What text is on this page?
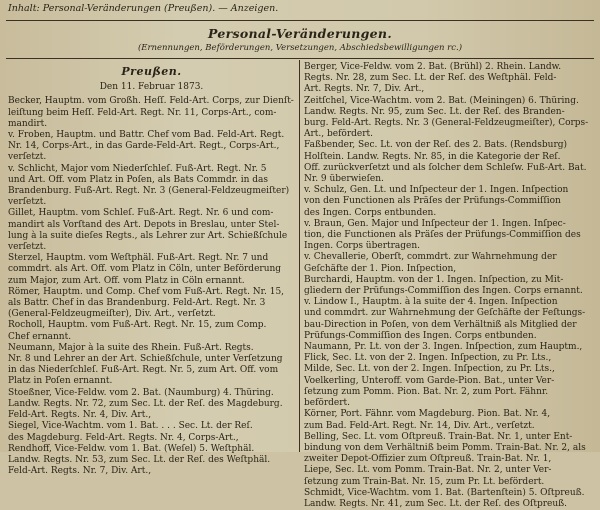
Inhalt: Personal-Veränderungen (Preußen). — Anzeigen.
Personal-Veränderungen.
(Ernennungen, Beförderungen, Versetzungen, Abschiedsbewilligungen rc.)
Preußen.
Den 11. Februar 1873.
Becker, Hauptm. vom Großh. Heſſ. Feld-Art. Corps, zur Dienſt-
leiſtung beim Heſſ. Feld-Art. Regt. Nr. 11, Corps-Art., com-
mandirt.
v. Froben, Hauptm. und Battr. Chef vom Bad. Feld-Art. Regt.
Nr. 14, Corps-Art., in das Garde-Feld-Art. Regt., Corps-Art.,
verſetzt.
v. Schlicht, Major vom Niederſchleſ. Fuß-Art. Regt. Nr. 5
und Art. Off. vom Platz in Poſen, als Bats Commdr. in das
Brandenburg. Fuß-Art. Regt. Nr. 3 (General-Feldzeugmeiſter)
verſetzt.
Gillet, Hauptm. vom Schleſ. Fuß-Art. Regt. Nr. 6 und com-
mandirt als Vorſtand des Art. Depots in Breslau, unter Stel-
lung à la suite dieſes Regts., als Lehrer zur Art. Schießſchule
verſetzt.
Sterzel, Hauptm. vom Weſtphäl. Fuß-Art. Regt. Nr. 7 und
commdrt. als Art. Off. vom Platz in Cöln, unter Beförderung
zum Major, zum Art. Off. vom Platz in Cöln ernannt.
Römer, Hauptm. und Comp. Chef vom Fuß-Art. Regt. Nr. 15,
als Battr. Chef in das Brandenburg. Feld-Art. Regt. Nr. 3
(General-Feldzeugmeiſter), Div. Art., verſetzt.
Rocholl, Hauptm. vom Fuß-Art. Regt. Nr. 15, zum Comp.
Chef ernannt.
Neumann, Major à la suite des Rhein. Fuß-Art. Regts.
Nr. 8 und Lehrer an der Art. Schießſchule, unter Verſetzung
in das Niederſchleſ. Fuß-Art. Regt. Nr. 5, zum Art. Off. vom
Platz in Poſen ernannt.
Stoeßner, Vice-Feldw. vom 2. Bat. (Naumburg) 4. Thüring.
Landw. Regts. Nr. 72, zum Sec. Lt. der Reſ. des Magdeburg.
Feld-Art. Regts. Nr. 4, Div. Art.,
Siegel, Vice-Wachtm. vom 1. Bat. . . . Sec. Lt. der Reſ.
des Magdeburg. Feld-Art. Regts. Nr. 4, Corps-Art.,
Rendhoff, Vice-Feldw. vom 1. Bat. (Weſel) 5. Weſtphäl.
Landw. Regts. Nr. 53, zum Sec. Lt. der Reſ. des Weſtphäl.
Feld-Art. Regts. Nr. 7, Div. Art.,
Berger, Vice-Feldw. vom 2. Bat. (Brühl) 2. Rhein. Landw.
Regts. Nr. 28, zum Sec. Lt. der Reſ. des Weſtphäl. Feld-
Art. Regts. Nr. 7, Div. Art.,
Zeitſchel, Vice-Wachtm. vom 2. Bat. (Meiningen) 6. Thüring.
Landw. Regts. Nr. 95, zum Sec. Lt. der Reſ. des Branden-
burg. Feld-Art. Regts. Nr. 3 (General-Feldzeugmeiſter), Corps-
Art., befördert.
Faßbender, Sec. Lt. von der Reſ. des 2. Bats. (Rendsburg)
Holſtein. Landw. Regts. Nr. 85, in die Kategorie der Reſ.
Off. zurückverſetzt und als ſolcher dem Schleſw. Fuß-Art. Bat.
Nr. 9 überwieſen.
v. Schulz, Gen. Lt. und Inſpecteur der 1. Ingen. Inſpection
von den Functionen als Präſes der Prüfungs-Commiſſion
des Ingen. Corps entbunden.
v. Braun, Gen. Major und Inſpecteur der 1. Ingen. Inſpec-
tion, die Functionen als Präſes der Prüfungs-Commiſſion des
Ingen. Corps übertragen.
v. Chevallerie, Oberſt, commdrt. zur Wahrnehmung der
Geſchäfte der 1. Pion. Inſpection,
Burchardi, Hauptm. von der 1. Ingen. Inſpection, zu Mit-
gliedern der Prüfungs-Commiſſion des Ingen. Corps ernannt.
v. Lindow I., Hauptm. à la suite der 4. Ingen. Inſpection
und commdrt. zur Wahrnehmung der Geſchäfte der Feſtungs-
bau-Direction in Poſen, von dem Verhältniß als Mitglied der
Prüfungs-Commiſſion des Ingen. Corps entbunden.
Naumann, Pr. Lt. von der 3. Ingen. Inſpection, zum Hauptm.,
Flick, Sec. Lt. von der 2. Ingen. Inſpection, zu Pr. Lts.,
Milde, Sec. Lt. von der 2. Ingen. Inſpection, zu Pr. Lts.,
Voelkerling, Unteroff. vom Garde-Pion. Bat., unter Ver-
ſetzung zum Pomm. Pion. Bat. Nr. 2, zum Port. Fähnr.
befördert.
Körner, Port. Fähnr. vom Magdeburg. Pion. Bat. Nr. 4,
zum Bad. Feld-Art. Regt. Nr. 14, Div. Art., verſetzt.
Belling, Sec. Lt. vom Oſtpreuß. Train-Bat. Nr. 1, unter Ent-
bindung von dem Verhältniß beim Pomm. Train-Bat. Nr. 2, als
zweiter Depot-Offizier zum Oſtpreuß. Train-Bat. Nr. 1,
Liepe, Sec. Lt. vom Pomm. Train-Bat. Nr. 2, unter Ver-
ſetzung zum Train-Bat. Nr. 15, zum Pr. Lt. befördert.
Schmidt, Vice-Wachtm. vom 1. Bat. (Bartenſtein) 5. Oſtpreuß.
Landw. Regts. Nr. 41, zum Sec. Lt. der Reſ. des Oſtpreuß.
